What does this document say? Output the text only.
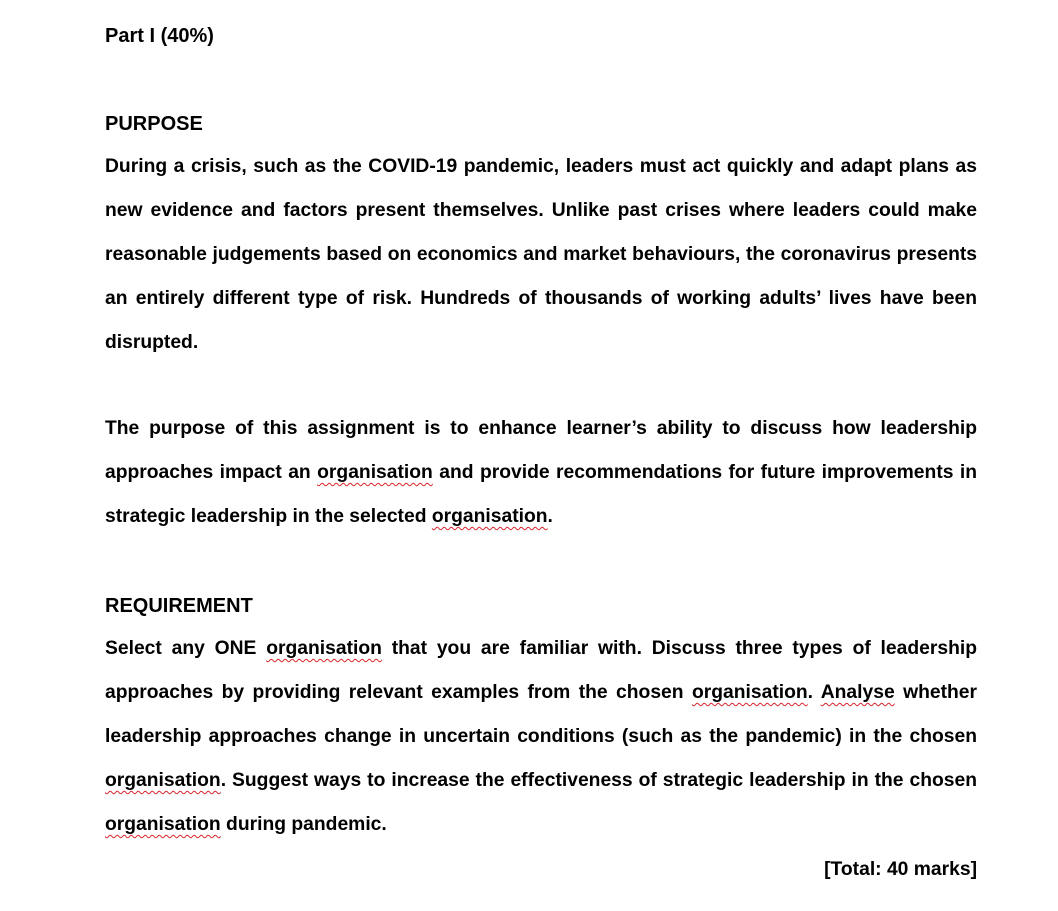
Part I (40%)
PURPOSE
During a crisis, such as the COVID-19 pandemic, leaders must act quickly and adapt plans as new evidence and factors present themselves. Unlike past crises where leaders could make reasonable judgements based on economics and market behaviours, the coronavirus presents an entirely different type of risk. Hundreds of thousands of working adults’ lives have been disrupted.
The purpose of this assignment is to enhance learner’s ability to discuss how leadership approaches impact an organisation and provide recommendations for future improvements in strategic leadership in the selected organisation.
REQUIREMENT
Select any ONE organisation that you are familiar with. Discuss three types of leadership approaches by providing relevant examples from the chosen organisation. Analyse whether leadership approaches change in uncertain conditions (such as the pandemic) in the chosen organisation. Suggest ways to increase the effectiveness of strategic leadership in the chosen organisation during pandemic.
[Total: 40 marks]
